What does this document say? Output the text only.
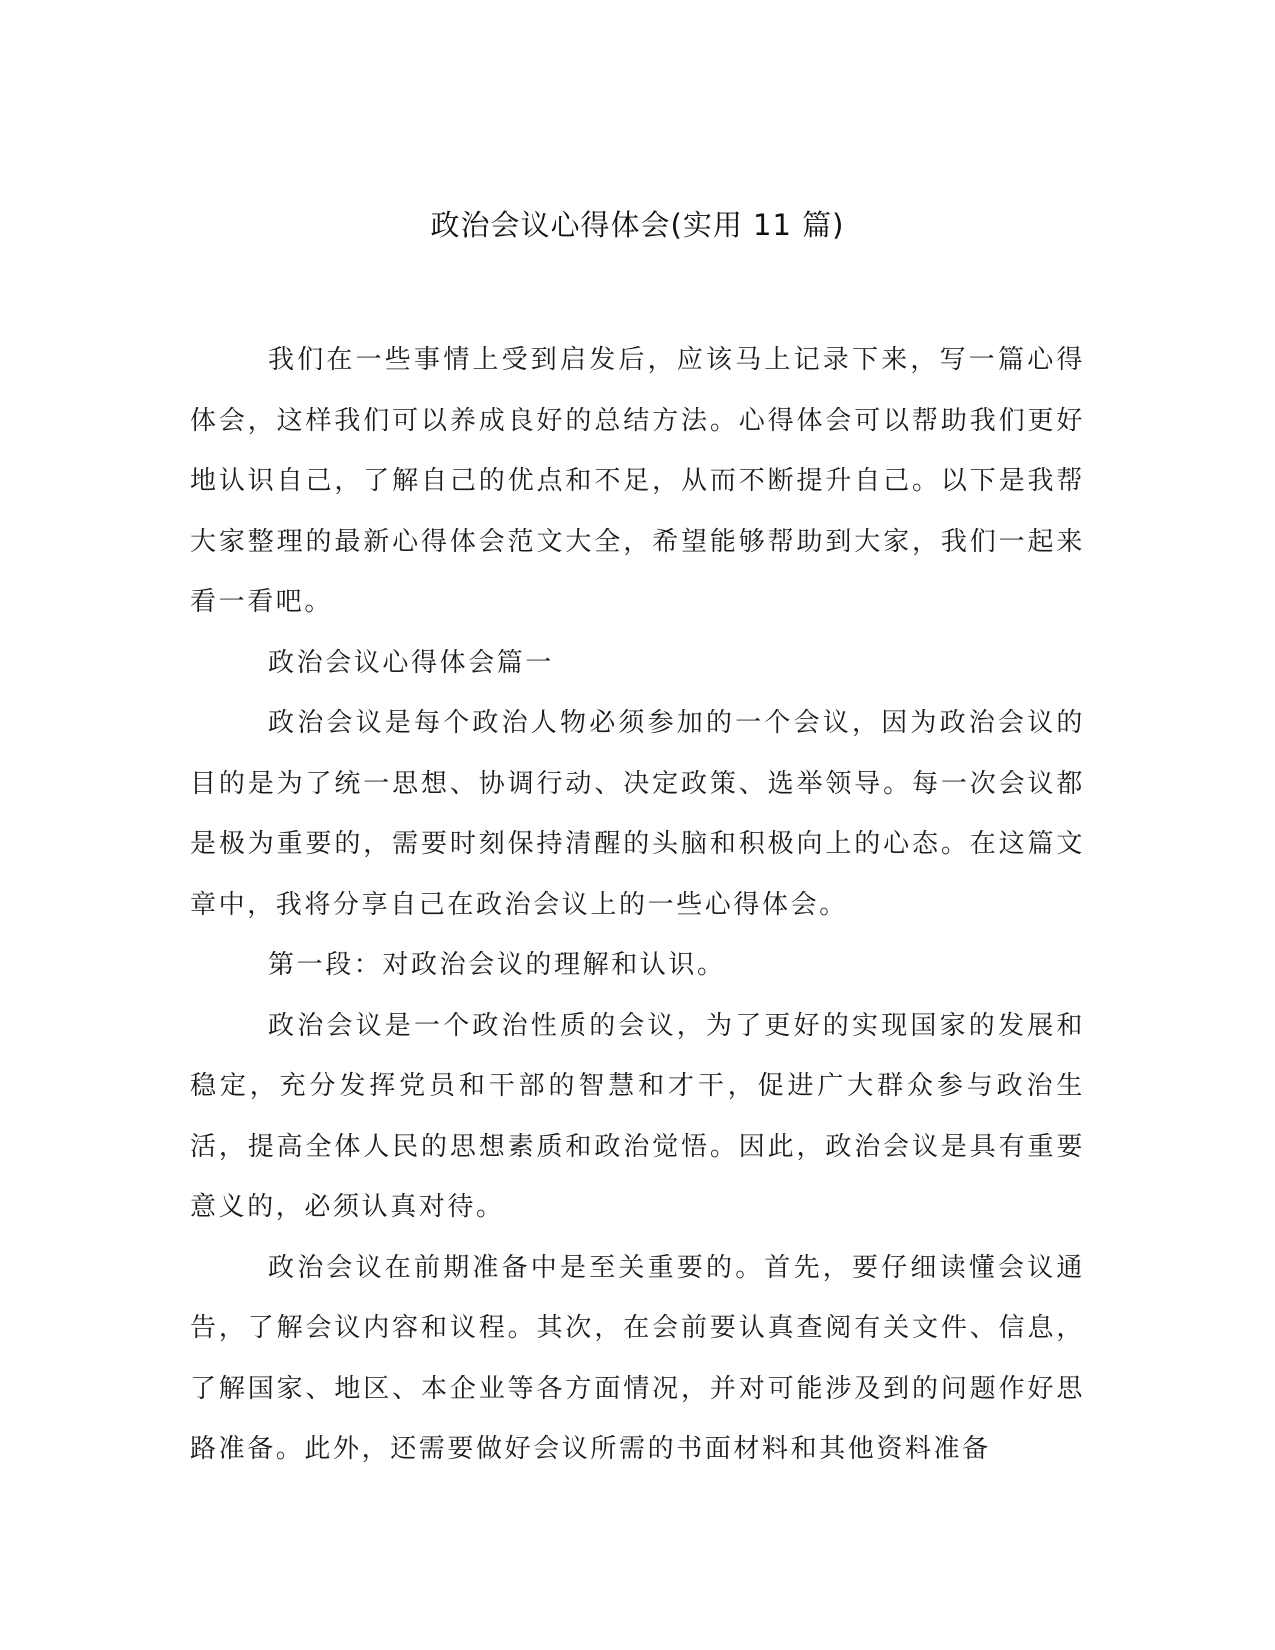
政治会议心得体会(实用 11 篇)

我们在一些事情上受到启发后，应该马上记录下来，写一篇心得体会，这样我们可以养成良好的总结方法。心得体会可以帮助我们更好地认识自己，了解自己的优点和不足，从而不断提升自己。以下是我帮大家整理的最新心得体会范文大全，希望能够帮助到大家，我们一起来看一看吧。

政治会议心得体会篇一

政治会议是每个政治人物必须参加的一个会议，因为政治会议的目的是为了统一思想、协调行动、决定政策、选举领导。每一次会议都是极为重要的，需要时刻保持清醒的头脑和积极向上的心态。在这篇文章中，我将分享自己在政治会议上的一些心得体会。

第一段：对政治会议的理解和认识。

政治会议是一个政治性质的会议，为了更好的实现国家的发展和稳定，充分发挥党员和干部的智慧和才干，促进广大群众参与政治生活，提高全体人民的思想素质和政治觉悟。因此，政治会议是具有重要意义的，必须认真对待。

政治会议在前期准备中是至关重要的。首先，要仔细读懂会议通告，了解会议内容和议程。其次，在会前要认真查阅有关文件、信息，了解国家、地区、本企业等各方面情况，并对可能涉及到的问题作好思路准备。此外，还需要做好会议所需的书面材料和其他资料准备
